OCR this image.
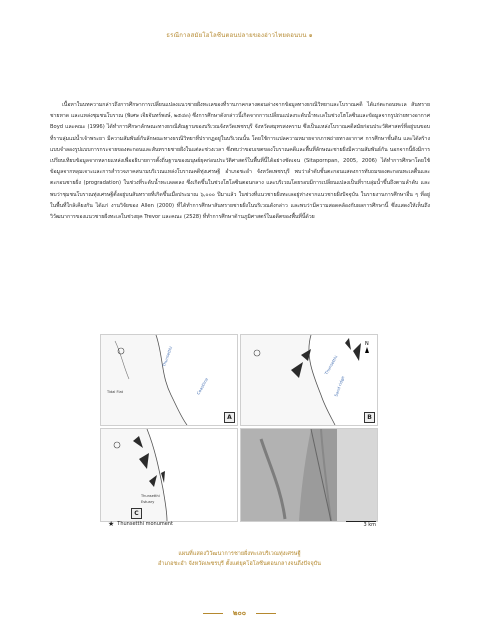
ธรณีกาลสมัยโฮโลซีนตอนปลายของอ่าวไทยตอนบน ๑

เนื้อหาในบทความกล่าวถึงการศึกษาการเปลี่ยนแปลงแนวชายฝั่งทะเลของที่ราบภาคกลางตอนล่างจากข้อมูลทางธรณีวิทยาและโบราณคดี ได้แก่ตะกอนทะเล สันทรายชายหาด และแหล่งชุมชนโบราณ (พิเศษ เจียจันทร์พงษ์, ๒๕๔๓) ซึ่งการศึกษาดังกล่าวนี้เกิดจากการเปลี่ยนแปลงระดับน้ำทะเลในช่วงโฮโลซีนและข้อมูลจากรูปถ่ายทางอากาศ Boyd และคณะ (1996) ได้ทำการศึกษาลักษณะทางธรณีสัณฐานของบริเวณจังหวัดเพชรบุรี จังหวัดสมุทรสงคราม ซึ่งเป็นแหล่งโบราณคดีสมัยก่อนประวัติศาสตร์ที่อยู่บนขอบที่ราบลุ่มแม่น้ำเจ้าพระยา มีความสัมพันธ์กับลักษณะทางธรณีวิทยาที่ปรากฏอยู่ในบริเวณนั้น โดยใช้การแปลความหมายจากภาพถ่ายทางอากาศ การศึกษาชั้นดิน และได้สร้างแบบจำลองรูปแบบการกระจายของตะกอนและสันทรายชายฝั่งในแต่ละช่วงเวลา ซึ่งพบว่าขอบเขตของโบราณคดีและพื้นที่ลักษณะชายฝั่งมีความสัมพันธ์กัน นอกจากนี้ยังมีการเปรียบเทียบข้อมูลจากหลายแหล่งเพื่ออธิบายการตั้งถิ่นฐานของมนุษย์ยุคก่อนประวัติศาสตร์ในพื้นที่นี้ได้อย่างชัดเจน (Sitapornpan, 2005, 2006) ได้ทำการศึกษาโดยใช้ข้อมูลจากหลุมเจาะและการสำรวจภาคสนามบริเวณแหล่งโบราณคดีทุ่งเศรษฐี อำเภอชะอำ จังหวัดเพชรบุรี พบว่าลำดับชั้นตะกอนแสดงการทับถมของตะกอนทะเลตื้นและตะกอนชายฝั่ง (progradation) ในช่วงที่ระดับน้ำทะเลลดลง ซึ่งเกิดขึ้นในช่วงโฮโลซีนตอนกลาง และบริเวณโดยรอบมีการเปลี่ยนแปลงเป็นที่ราบลุ่มน้ำขึ้นถึงตามลำดับ และพบว่าชุมชนโบราณทุ่งเศรษฐีตั้งอยู่บนสันทรายที่เกิดขึ้นเมื่อประมาณ ๖,๐๐๐ ปีมาแล้ว ในช่วงที่แนวชายฝั่งทะเลอยู่ห่างจากแนวชายฝั่งปัจจุบัน ในรายงานการศึกษาอื่น ๆ ที่อยู่ในพื้นที่ใกล้เคียงกัน ได้แก่ งานวิจัยของ Allen (2000) ที่ได้ทำการศึกษาสันทรายชายฝั่งในบริเวณดังกล่าว และพบว่ามีความสอดคล้องกับผลการศึกษานี้ ซึ่งแสดงให้เห็นถึงวิวัฒนาการของแนวชายฝั่งทะเลในช่วงยุค Trevor และคณะ (2528) ที่ทำการศึกษาด้านภูมิศาสตร์ในอดีตของพื้นที่นี้ด้วย

Thunsetthi
Coastline
Tidal Flat
A
Thunsetthi
Sand ridge
N
B
Thunsetthi
Estuary
C
★ Thunsetthi monument	3 km
แผนที่แสดงวิวัฒนาการชายฝั่งทะเลบริเวณทุ่งเศรษฐี
อำเภอชะอำ จังหวัดเพชรบุรี ตั้งแต่ยุคโฮโลซีนตอนกลางจนถึงปัจจุบัน
๒๐๐
